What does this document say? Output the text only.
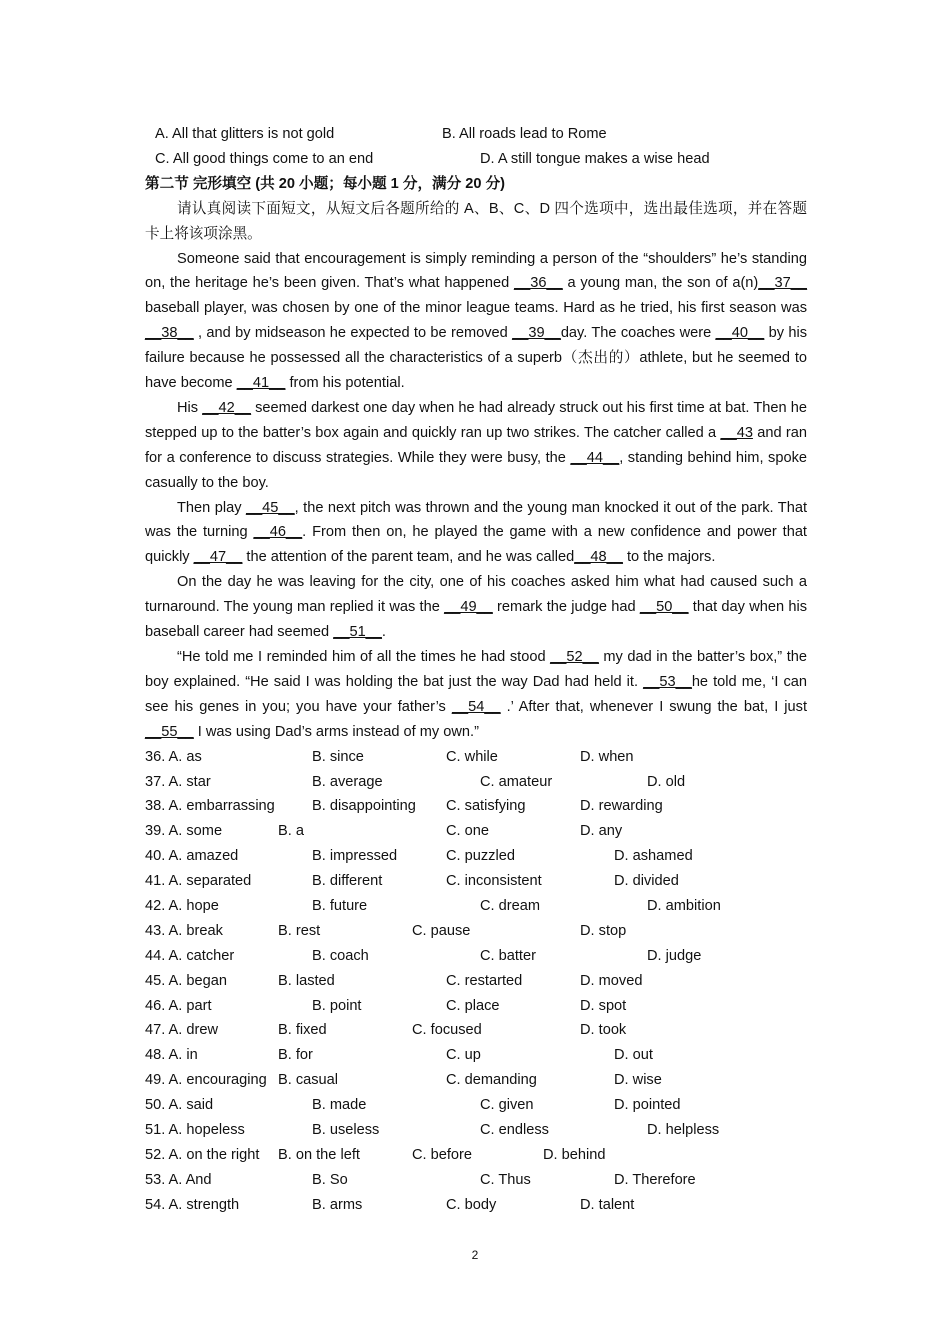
A. All that glitters is not gold	B. All roads lead to Rome
C. All good things come to an end	D. A still tongue makes a wise head
第二节 完形填空 (共 20 小题；每小题 1 分，满分 20 分)
请认真阅读下面短文，从短文后各题所给的 A、B、C、D 四个选项中，选出最佳选项，并在答题卡上将该项涂黑。
Someone said that encouragement is simply reminding a person of the “shoulders” he’s standing on, the heritage he’s been given. That’s what happened __36__ a young man, the son of a(n)__37__ baseball player, was chosen by one of the minor league teams. Hard as he tried, his first season was __38__ , and by midseason he expected to be removed __39__day. The coaches were __40__ by his failure because he possessed all the characteristics of a superb（杰出的）athlete, but he seemed to have become __41__ from his potential.
His __42__ seemed darkest one day when he had already struck out his first time at bat. Then he stepped up to the batter’s box again and quickly ran up two strikes. The catcher called a __43 and ran for a conference to discuss strategies. While they were busy, the __44__, standing behind him, spoke casually to the boy.
Then play __45__, the next pitch was thrown and the young man knocked it out of the park. That was the turning __46__. From then on, he played the game with a new confidence and power that quickly __47__ the attention of the parent team, and he was called__48__ to the majors.
On the day he was leaving for the city, one of his coaches asked him what had caused such a turnaround. The young man replied it was the __49__ remark the judge had __50__ that day when his baseball career had seemed __51__.
“He told me I reminded him of all the times he had stood __52__ my dad in the batter’s box,” the boy explained. “He said I was holding the bat just the way Dad had held it. __53__he told me, ‘I can see his genes in you; you have your father’s __54__ .’ After that, whenever I swung the bat, I just __55__ I was using Dad’s arms instead of my own.”
36. A. as	B. since	C. while	D. when
37. A. star	B. average	C. amateur	D. old
38. A. embarrassing	B. disappointing C. satisfying	D. rewarding
39. A. some	B. a	C. one	D. any
40. A. amazed	B. impressed	C. puzzled	D. ashamed
41. A. separated	B. different	C. inconsistent	D. divided
42. A. hope	B. future	C. dream	D. ambition
43. A. break	B. rest	C. pause	D. stop
44. A. catcher	B. coach	C. batter	D. judge
45. A. began	B. lasted	C. restarted	D. moved
46. A. part	B. point	C. place	D. spot
47. A. drew	B. fixed	C. focused	D. took
48. A. in	B. for	C. up	D. out
49. A. encouraging B. casual	C. demanding	D. wise
50. A. said	B. made	C. given	D. pointed
51. A. hopeless	B. useless	C. endless	D. helpless
52. A. on the right B. on the left	C. before	D. behind
53. A. And	B. So	C. Thus	D. Therefore
54. A. strength	B. arms	C. body	D. talent
2
